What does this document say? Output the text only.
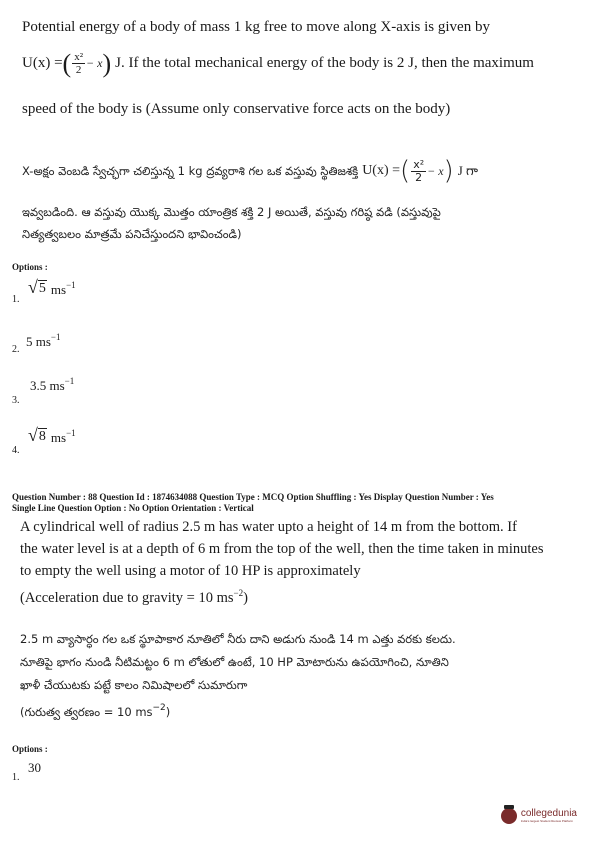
Potential energy of a body of mass 1 kg free to move along X-axis is given by
U(x) = ( $\frac{\text{x²}}{2} - x$ ) J. If the total mechanical energy of the body is 2 J, then the maximum
speed of the body is (Assume only conservative force acts on the body)
X-అక్షం వెంబడి స్వేచ్ఛగా చలిస్తున్న 1 kg ద్రవ్యరాశి గల ఒక వస్తువు స్థితిజశక్తి U(x) = ( $\frac{\text{x²}}{2} - x$ ) J గా
ఇవ్వబడింది. ఆ వస్తువు యొక్క మొత్తం యాంత్రిక శక్తి 2 J అయితే, వస్తువు గరిష్ఠ వడి (వస్తువుపై
నిత్యత్వబలం మాత్రమే పనిచేస్తుందని భావించండి)
Options :
1.
√ 5 ms −1
2.
5 $ms^{-1}$
3.5 $ms^{-1}$
3.
√ 8 ms −1
4.
Question Number : 88 Question Id : 1874634088 Question Type : MCQ Option Shuffling : Yes Display Question Number : Yes
Single Line Question Option : No Option Orientation : Vertical
A cylindrical well of radius 2.5 m has water upto a height of 14 m from the bottom. If
the water level is at a depth of 6 m from the top of the well, then the time taken in minutes
to empty the well using a motor of 10 HP is approximately
(Acceleration due to gravity = 10 $ms^{-2}$)
2.5 m వ్యాసార్ధం గల ఒక స్థూపాకార నూతిలో నీరు దాని అడుగు నుండి 14 m ఎత్తు వరకు కలదు.
నూతిపై భాగం నుండి నీటిమట్టం 6 m లోతులో ఉంటే, 10 HP మోటారును ఉపయోగించి, నూతిని
ఖాళీ చేయుటకు పట్టే కాలం నిమిషాలలో సుమారుగా
(గురుత్వ త్వరణం = 10 $ms^{-2}$)
Options :
30
1.
collegedunia
India's largest Student Review Platform
